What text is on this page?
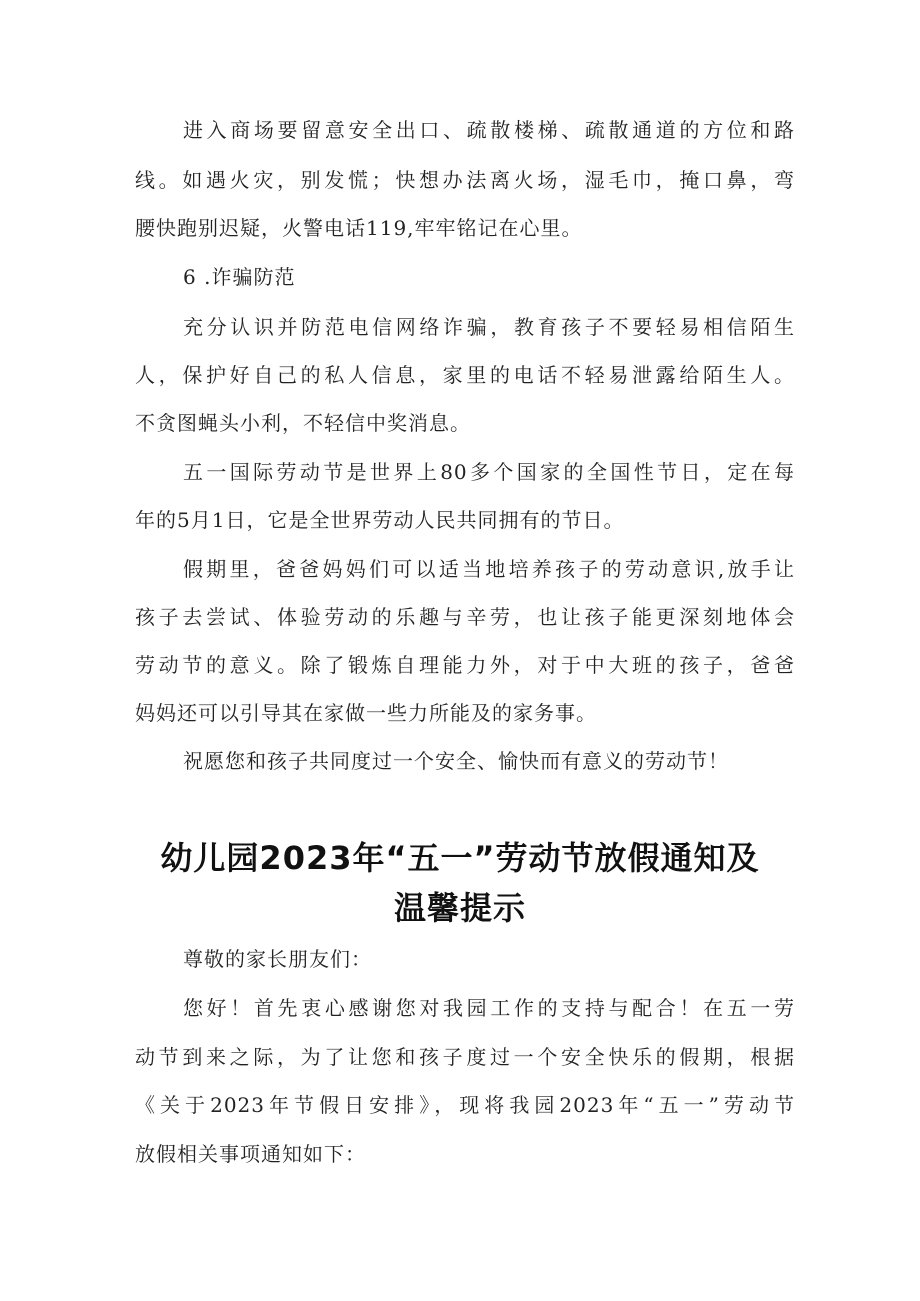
进入商场要留意安全出口、疏散楼梯、疏散通道的方位和路

线。如遇火灾，别发慌；快想办法离火场，湿毛巾，掩口鼻，弯

腰快跑别迟疑，火警电话119,牢牢铭记在心里。

6 .诈骗防范

充分认识并防范电信网络诈骗，教育孩子不要轻易相信陌生

人，保护好自己的私人信息，家里的电话不轻易泄露给陌生人。

不贪图蝇头小利，不轻信中奖消息。

五一国际劳动节是世界上80多个国家的全国性节日，定在每

年的5月1日，它是全世界劳动人民共同拥有的节日。

假期里，爸爸妈妈们可以适当地培养孩子的劳动意识,放手让

孩子去尝试、体验劳动的乐趣与辛劳，也让孩子能更深刻地体会

劳动节的意义。除了锻炼自理能力外，对于中大班的孩子，爸爸

妈妈还可以引导其在家做一些力所能及的家务事。

祝愿您和孩子共同度过一个安全、愉快而有意义的劳动节！

幼儿园2023年“五一”劳动节放假通知及
温馨提示

尊敬的家长朋友们：

您好！首先衷心感谢您对我园工作的支持与配合！在五一劳

动节到来之际，为了让您和孩子度过一个安全快乐的假期，根据

《关于2023年节假日安排》，现将我园2023年“五一”劳动节

放假相关事项通知如下：
